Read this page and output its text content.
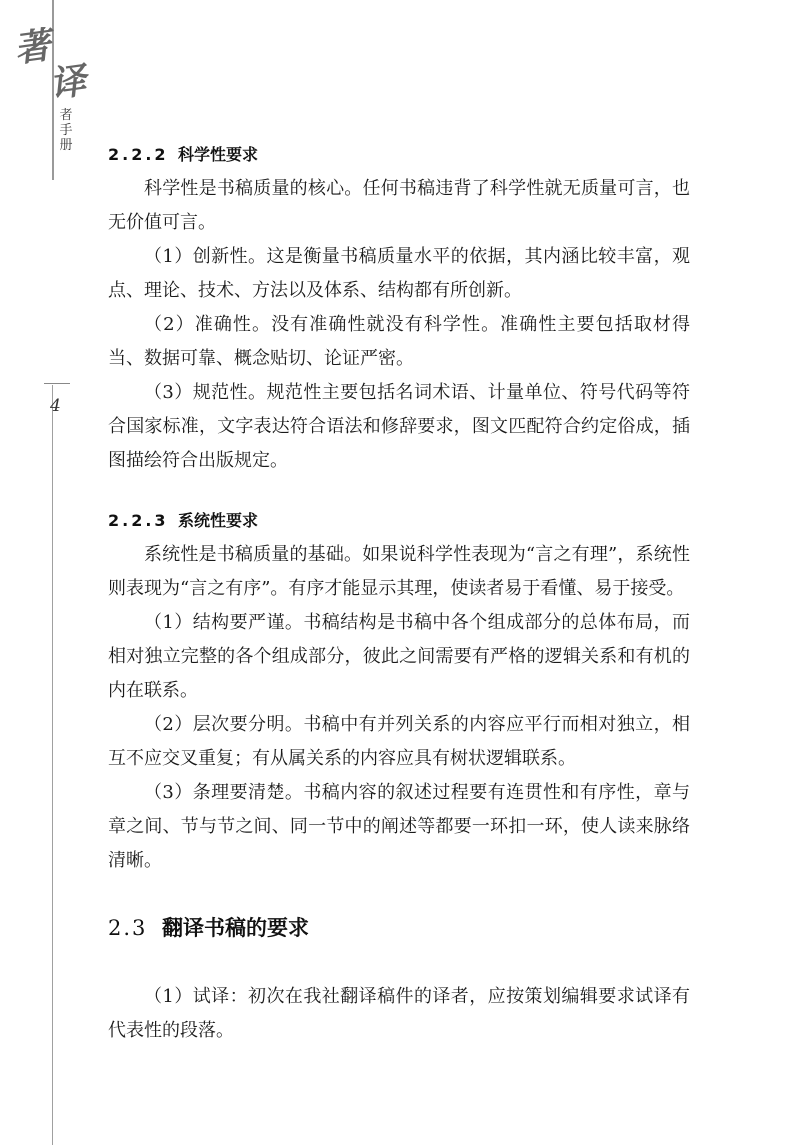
著
译
者手册
4
2.2.2 科学性要求

科学性是书稿质量的核心。任何书稿违背了科学性就无质量可言，也无价值可言。

（1）创新性。这是衡量书稿质量水平的依据，其内涵比较丰富，观点、理论、技术、方法以及体系、结构都有所创新。

（2）准确性。没有准确性就没有科学性。准确性主要包括取材得当、数据可靠、概念贴切、论证严密。

（3）规范性。规范性主要包括名词术语、计量单位、符号代码等符合国家标准，文字表达符合语法和修辞要求，图文匹配符合约定俗成，插图描绘符合出版规定。

2.2.3 系统性要求

系统性是书稿质量的基础。如果说科学性表现为“言之有理”，系统性则表现为“言之有序”。有序才能显示其理，使读者易于看懂、易于接受。

（1）结构要严谨。书稿结构是书稿中各个组成部分的总体布局，而相对独立完整的各个组成部分，彼此之间需要有严格的逻辑关系和有机的内在联系。

（2）层次要分明。书稿中有并列关系的内容应平行而相对独立，相互不应交叉重复；有从属关系的内容应具有树状逻辑联系。

（3）条理要清楚。书稿内容的叙述过程要有连贯性和有序性，章与章之间、节与节之间、同一节中的阐述等都要一环扣一环，使人读来脉络清晰。

2.3 翻译书稿的要求

（1）试译：初次在我社翻译稿件的译者，应按策划编辑要求试译有代表性的段落。
